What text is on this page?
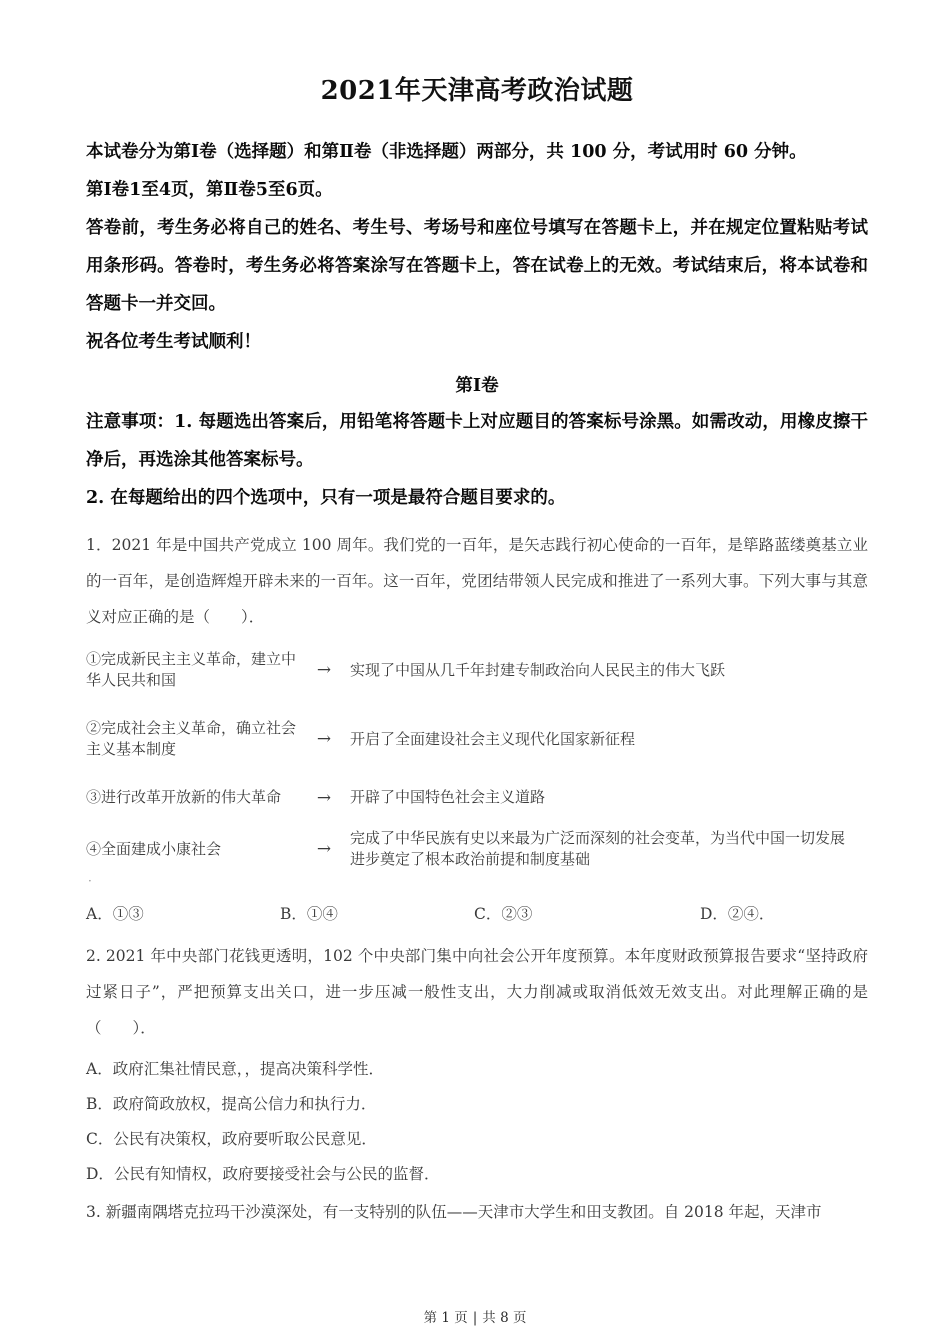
2021年天津高考政治试题

本试卷分为第Ⅰ卷（选择题）和第Ⅱ卷（非选择题）两部分，共 100 分，考试用时 60 分钟。

第Ⅰ卷1至4页，第Ⅱ卷5至6页。

答卷前，考生务必将自己的姓名、考生号、考场号和座位号填写在答题卡上，并在规定位置粘贴考试用条形码。答卷时，考生务必将答案涂写在答题卡上，答在试卷上的无效。考试结束后，将本试卷和答题卡一并交回。

祝各位考生考试顺利！

第Ⅰ卷

注意事项：1. 每题选出答案后，用铅笔将答题卡上对应题目的答案标号涂黑。如需改动，用橡皮擦干净后，再选涂其他答案标号。

2. 在每题给出的四个选项中，只有一项是最符合题目要求的。

1．2021 年是中国共产党成立 100 周年。我们党的一百年，是矢志践行初心使命的一百年，是筚路蓝缕奠基立业的一百年，是创造辉煌开辟未来的一百年。这一百年，党团结带领人民完成和推进了一系列大事。下列大事与其意义对应正确的是（　　）．

①完成新民主主义革命，建立中华人民共和国	→	实现了中国从几千年封建专制政治向人民民主的伟大飞跃

②完成社会主义革命，确立社会主义基本制度	→	开启了全面建设社会主义现代化国家新征程

③进行改革开放新的伟大革命	→	开辟了中国特色社会主义道路

④全面建成小康社会	→	完成了中华民族有史以来最为广泛而深刻的社会变革，为当代中国一切发展进步奠定了根本政治前提和制度基础
·
A．①③	B．①④	C．②③	D．②④．

2. 2021 年中央部门花钱更透明，102 个中央部门集中向社会公开年度预算。本年度财政预算报告要求“坚持政府过紧日子”，严把预算支出关口，进一步压减一般性支出，大力削减或取消低效无效支出。对此理解正确的是（　　）．

A．政府汇集社情民意，，提高决策科学性．

B．政府简政放权，提高公信力和执行力．

C．公民有决策权，政府要听取公民意见．

D．公民有知情权，政府要接受社会与公民的监督．

3. 新疆南隅塔克拉玛干沙漠深处，有一支特别的队伍——天津市大学生和田支教团。自 2018 年起，天津市

第 1 页 | 共 8 页
